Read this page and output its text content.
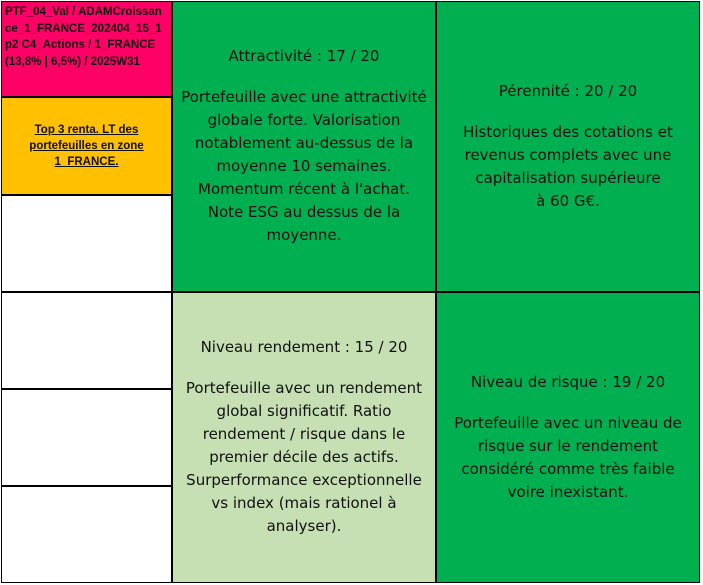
PTF_04_Val / ADAMCroissance_1_FRANCE_202404_15_1p2 C4_Actions / 1_FRANCE (13,8% | 6,5%) / 2025W31
Top 3 renta. LT des portefeuilles en zone 1_FRANCE.
Attractivité : 17 / 20
Portefeuille avec une attractivité
globale forte. Valorisation
notablement au-dessus de la
moyenne 10 semaines.
Momentum récent à l'achat.
Note ESG au dessus de la
moyenne.
Pérennité : 20 / 20
Historiques des cotations et
revenus complets avec une
capitalisation supérieure
à 60 G€.
Niveau rendement : 15 / 20
Portefeuille avec un rendement
global significatif. Ratio
rendement / risque dans le
premier décile des actifs.
Surperformance exceptionnelle
vs index (mais rationel à
analyser).
Niveau de risque : 19 / 20
Portefeuille avec un niveau de
risque sur le rendement
considéré comme très faible
voire inexistant.
